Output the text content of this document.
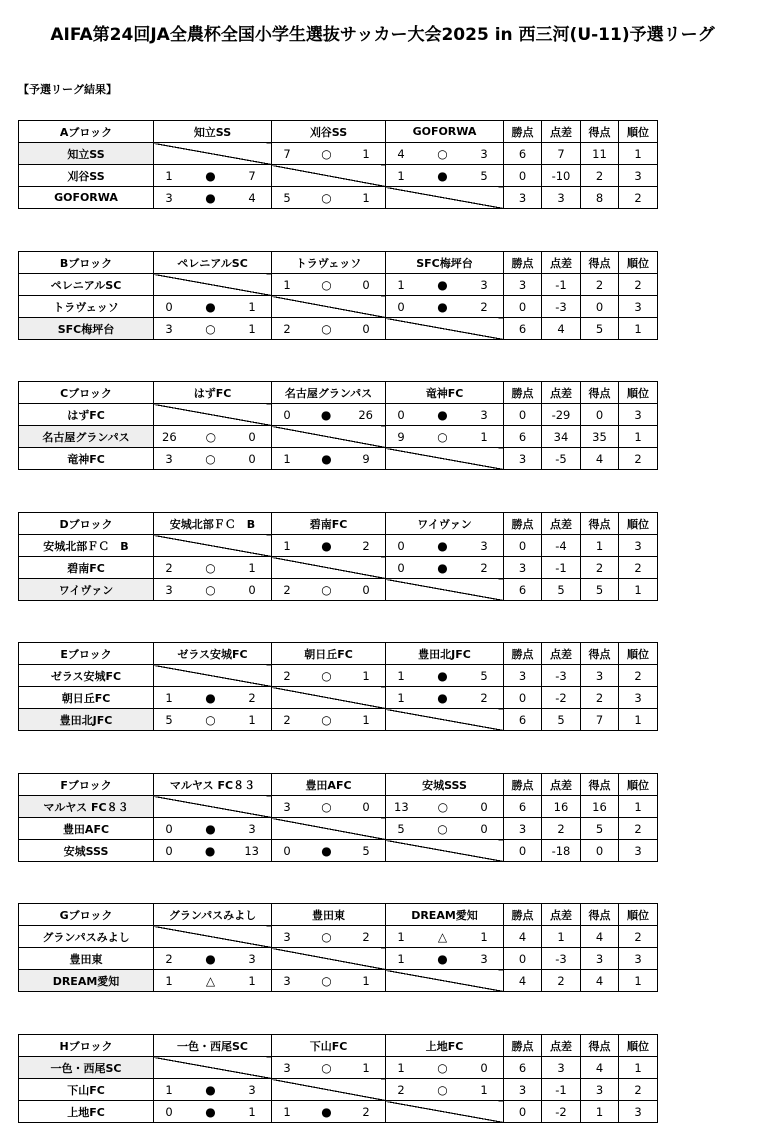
AIFA第24回JA全農杯全国小学生選抜サッカー大会2025 in 西三河(U-11)予選リーグ
【予選リーグ結果】
Aブロック	知立SS	刈谷SS	GOFORWA	勝点	点差	得点	順位
知立SS		7 ○ 1	4 ○ 3	6	7	11	1
刈谷SS	1 ● 7		1 ● 5	0	-10	2	3
GOFORWA	3 ● 4	5 ○ 1		3	3	8	2
Bブロック	ペレニアルSC	トラヴェッソ	SFC梅坪台	勝点	点差	得点	順位
ペレニアルSC		1 ○ 0	1 ● 3	3	-1	2	2
トラヴェッソ	0 ● 1		0 ● 2	0	-3	0	3
SFC梅坪台	3 ○ 1	2 ○ 0		6	4	5	1
Cブロック	はずFC	名古屋グランパス	竜神FC	勝点	点差	得点	順位
はずFC		0 ● 26	0 ● 3	0	-29	0	3
名古屋グランパス	26 ○ 0		9 ○ 1	6	34	35	1
竜神FC	3 ○ 0	1 ● 9		3	-5	4	2
Dブロック	安城北部ＦＣ　B	碧南FC	ワイヴァン	勝点	点差	得点	順位
安城北部ＦＣ　B		1 ● 2	0 ● 3	0	-4	1	3
碧南FC	2 ○ 1		0 ● 2	3	-1	2	2
ワイヴァン	3 ○ 0	2 ○ 0		6	5	5	1
Eブロック	ゼラス安城FC	朝日丘FC	豊田北JFC	勝点	点差	得点	順位
ゼラス安城FC		2 ○ 1	1 ● 5	3	-3	3	2
朝日丘FC	1 ● 2		1 ● 2	0	-2	2	3
豊田北JFC	5 ○ 1	2 ○ 1		6	5	7	1
Fブロック	マルヤス FC８３	豊田AFC	安城SSS	勝点	点差	得点	順位
マルヤス FC８３		3 ○ 0	13 ○ 0	6	16	16	1
豊田AFC	0 ● 3		5 ○ 0	3	2	5	2
安城SSS	0 ● 13	0 ● 5		0	-18	0	3
Gブロック	グランパスみよし	豊田東	DREAM愛知	勝点	点差	得点	順位
グランパスみよし		3 ○ 2	1 △ 1	4	1	4	2
豊田東	2 ● 3		1 ● 3	0	-3	3	3
DREAM愛知	1 △ 1	3 ○ 1		4	2	4	1
Hブロック	一色・西尾SC	下山FC	上地FC	勝点	点差	得点	順位
一色・西尾SC		3 ○ 1	1 ○ 0	6	3	4	1
下山FC	1 ● 3		2 ○ 1	3	-1	3	2
上地FC	0 ● 1	1 ● 2		0	-2	1	3
